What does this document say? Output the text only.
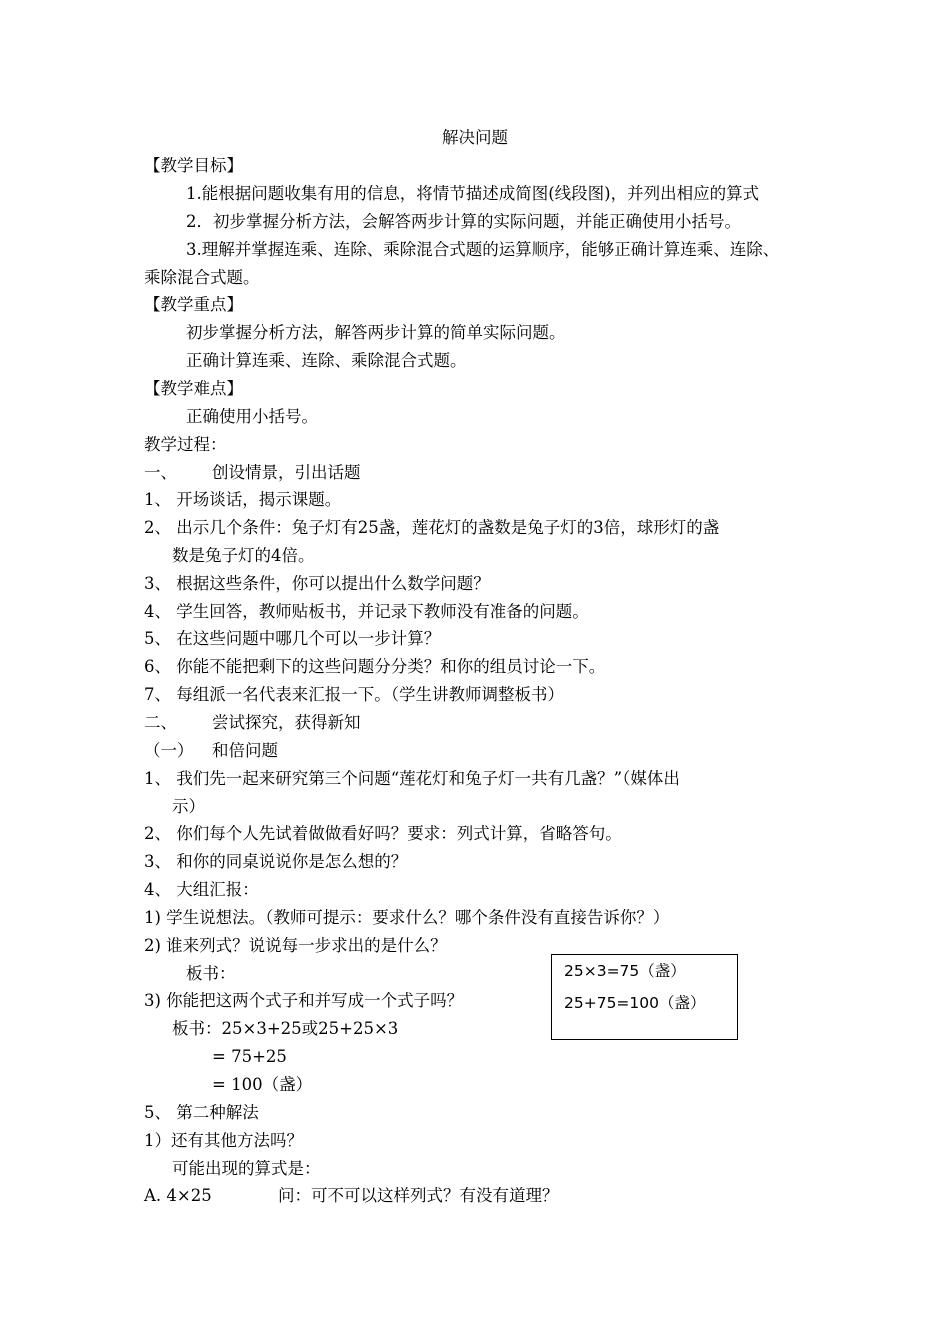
解决问题
【教学目标】
1.能根据问题收集有用的信息，将情节描述成简图(线段图)，并列出相应的算式
2．初步掌握分析方法，会解答两步计算的实际问题，并能正确使用小括号。
3.理解并掌握连乘、连除、乘除混合式题的运算顺序，能够正确计算连乘、连除、
乘除混合式题。
【教学重点】
初步掌握分析方法，解答两步计算的简单实际问题。
正确计算连乘、连除、乘除混合式题。
【教学难点】
正确使用小括号。
教学过程：
一、 创设情景，引出话题
1、 开场谈话，揭示课题。
2、 出示几个条件：兔子灯有25盏，莲花灯的盏数是兔子灯的3倍，球形灯的盏
数是兔子灯的4倍。
3、 根据这些条件，你可以提出什么数学问题？
4、 学生回答，教师贴板书，并记录下教师没有准备的问题。
5、 在这些问题中哪几个可以一步计算？
6、 你能不能把剩下的这些问题分分类？和你的组员讨论一下。
7、 每组派一名代表来汇报一下。（学生讲教师调整板书）
二、 尝试探究，获得新知
（一） 和倍问题
1、 我们先一起来研究第三个问题“莲花灯和兔子灯一共有几盏？”（媒体出
示）
2、 你们每个人先试着做做看好吗？要求：列式计算，省略答句。
3、 和你的同桌说说你是怎么想的？
4、 大组汇报：
1) 学生说想法。（教师可提示：要求什么？哪个条件没有直接告诉你？）
2) 谁来列式？说说每一步求出的是什么？
板书：
3) 你能把这两个式子和并写成一个式子吗？
板书：25×3+25或25+25×3
= 75+25
= 100（盏）
5、 第二种解法
1）还有其他方法吗？
可能出现的算式是：
A. 4×25	问：可不可以这样列式？有没有道理？
25×3=75（盏）
25+75=100（盏）
